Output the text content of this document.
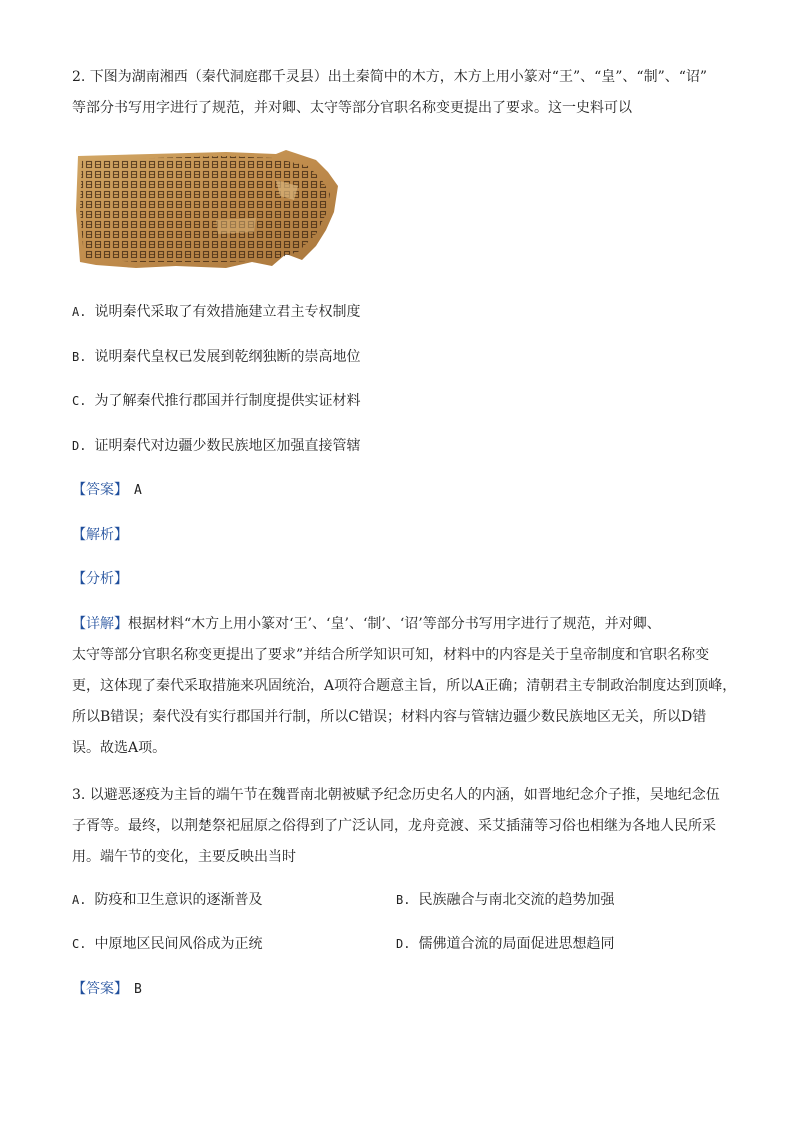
2. 下图为湖南湘西（秦代洞庭郡千灵县）出土秦简中的木方，木方上用小篆对“王”、“皇”、“制”、“诏”
等部分书写用字进行了规范，并对卿、太守等部分官职名称变更提出了要求。这一史料可以
A. 说明秦代采取了有效措施建立君主专权制度
B. 说明秦代皇权已发展到乾纲独断的崇高地位
C. 为了解秦代推行郡国并行制度提供实证材料
D. 证明秦代对边疆少数民族地区加强直接管辖
【答案】 A
【解析】
【分析】
【详解】根据材料“木方上用小篆对‘王’、‘皇’、‘制’、‘诏’等部分书写用字进行了规范，并对卿、
太守等部分官职名称变更提出了要求”并结合所学知识可知，材料中的内容是关于皇帝制度和官职名称变
更，这体现了秦代采取措施来巩固统治，A项符合题意主旨，所以A正确；清朝君主专制政治制度达到顶峰，
所以B错误；秦代没有实行郡国并行制，所以C错误；材料内容与管辖边疆少数民族地区无关，所以D错
误。故选A项。
3. 以避恶逐疫为主旨的端午节在魏晋南北朝被赋予纪念历史名人的内涵，如晋地纪念介子推，吴地纪念伍
子胥等。最终，以荆楚祭祀屈原之俗得到了广泛认同，龙舟竞渡、采艾插蒲等习俗也相继为各地人民所采
用。端午节的变化，主要反映出当时
A. 防疫和卫生意识的逐渐普及	B. 民族融合与南北交流的趋势加强
C. 中原地区民间风俗成为正统	D. 儒佛道合流的局面促进思想趋同
【答案】 B
